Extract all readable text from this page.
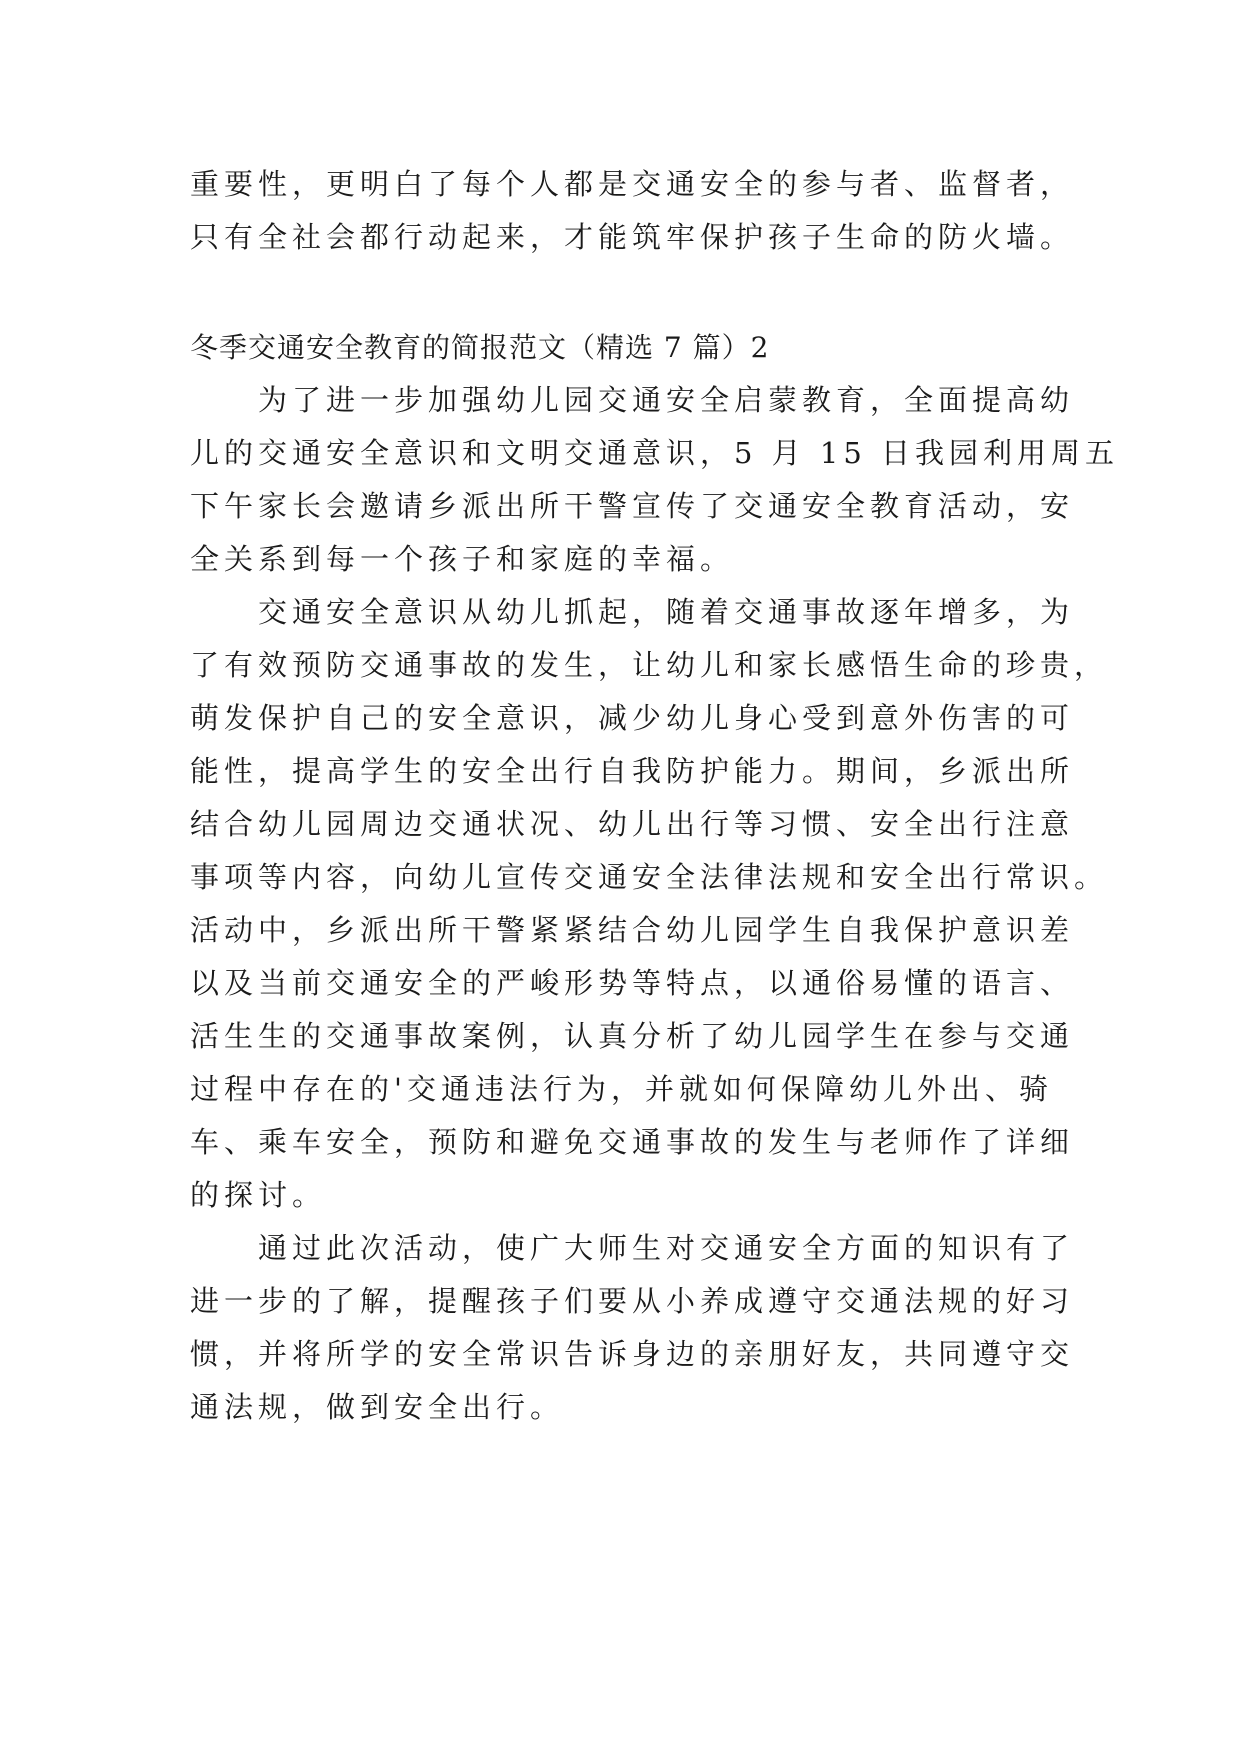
重要性，更明白了每个人都是交通安全的参与者、监督者，

只有全社会都行动起来，才能筑牢保护孩子生命的防火墙。

冬季交通安全教育的简报范文（精选 7 篇）2

为了进一步加强幼儿园交通安全启蒙教育，全面提高幼

儿的交通安全意识和文明交通意识，5 月 15 日我园利用周五

下午家长会邀请乡派出所干警宣传了交通安全教育活动，安

全关系到每一个孩子和家庭的幸福。

交通安全意识从幼儿抓起，随着交通事故逐年增多，为

了有效预防交通事故的发生，让幼儿和家长感悟生命的珍贵，

萌发保护自己的安全意识，减少幼儿身心受到意外伤害的可

能性，提高学生的安全出行自我防护能力。期间，乡派出所

结合幼儿园周边交通状况、幼儿出行等习惯、安全出行注意

事项等内容，向幼儿宣传交通安全法律法规和安全出行常识。

活动中，乡派出所干警紧紧结合幼儿园学生自我保护意识差

以及当前交通安全的严峻形势等特点，以通俗易懂的语言、

活生生的交通事故案例，认真分析了幼儿园学生在参与交通

过程中存在的'交通违法行为，并就如何保障幼儿外出、骑

车、乘车安全，预防和避免交通事故的发生与老师作了详细

的探讨。

通过此次活动，使广大师生对交通安全方面的知识有了

进一步的了解，提醒孩子们要从小养成遵守交通法规的好习

惯，并将所学的安全常识告诉身边的亲朋好友，共同遵守交

通法规，做到安全出行。
